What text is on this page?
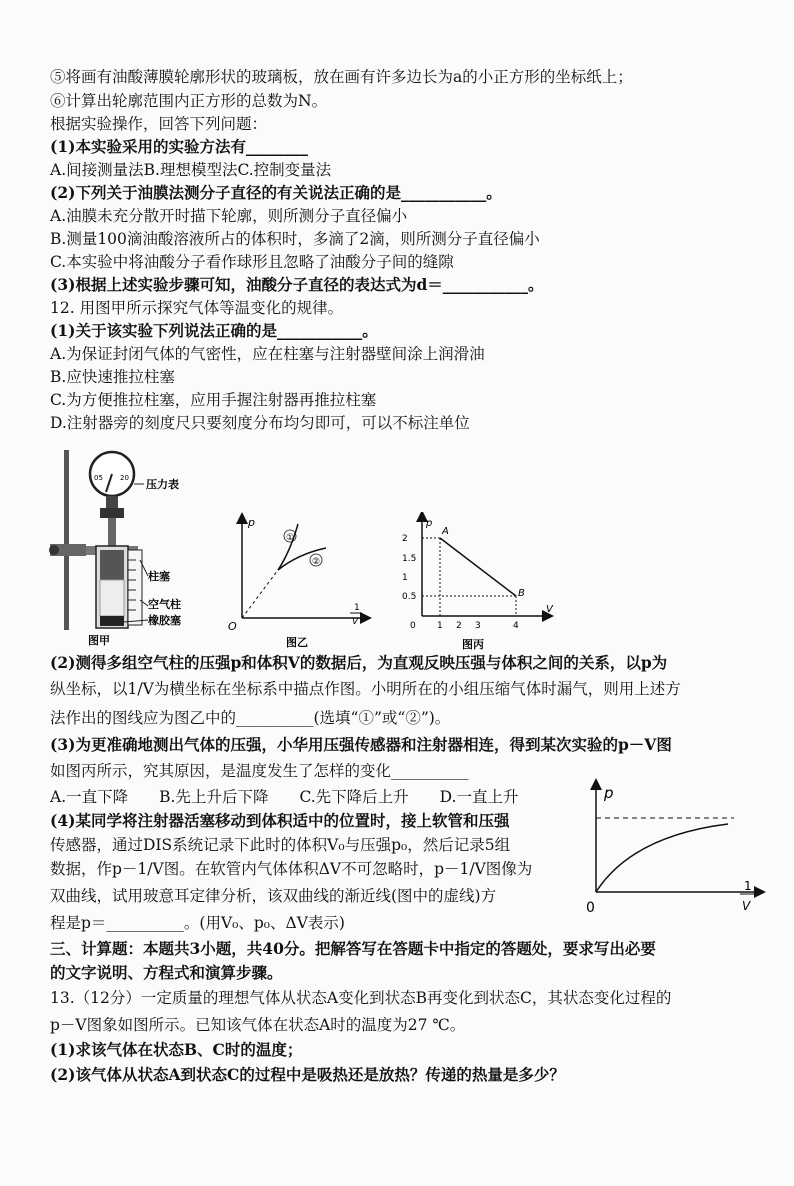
⑤将画有油酸薄膜轮廓形状的玻璃板，放在画有许多边长为a的小正方形的坐标纸上；
⑥计算出轮廓范围内正方形的总数为N。
根据实验操作，回答下列问题：
(1)本实验采用的实验方法有________
A.间接测量法B.理想模型法C.控制变量法
(2)下列关于油膜法测分子直径的有关说法正确的是___________。
A.油膜未充分散开时描下轮廓，则所测分子直径偏小
B.测量100滴油酸溶液所占的体积时，多滴了2滴，则所测分子直径偏小
C.本实验中将油酸分子看作球形且忽略了油酸分子间的缝隙
(3)根据上述实验步骤可知，油酸分子直径的表达式为d＝___________。
12. 用图甲所示探究气体等温变化的规律。
(1)关于该实验下列说法正确的是___________。
A.为保证封闭气体的气密性，应在柱塞与注射器壁间涂上润滑油
B.应快速推拉柱塞
C.为方便推拉柱塞，应用手握注射器再推拉柱塞
D.注射器旁的刻度尺只要刻度分布均匀即可，可以不标注单位
05 20 压力表
柱塞
空气柱
橡胶塞
图甲
p
O
1
V
①
②
图乙
p
V
0
2
1.5
1
0.5
1 2 3	4
A
B
图丙
(2)测得多组空气柱的压强p和体积V的数据后，为直观反映压强与体积之间的关系，以p为
纵坐标，以1/V为横坐标在坐标系中描点作图。小明所在的小组压缩气体时漏气，则用上述方
法作出的图线应为图乙中的__________(选填“①”或“②”)。
(3)为更准确地测出气体的压强，小华用压强传感器和注射器相连，得到某次实验的p－V图
如图丙所示，究其原因，是温度发生了怎样的变化__________
A.一直下降　　B.先上升后下降　　C.先下降后上升　　D.一直上升
(4)某同学将注射器活塞移动到体积适中的位置时，接上软管和压强
传感器，通过DIS系统记录下此时的体积V₀与压强p₀，然后记录5组
数据，作p－1/V图。在软管内气体体积ΔV不可忽略时，p－1/V图像为
双曲线，试用玻意耳定律分析，该双曲线的渐近线(图中的虚线)方
程是p＝__________。(用V₀、p₀、ΔV表示)
三、计算题：本题共3小题，共40分。把解答写在答题卡中指定的答题处，要求写出必要
的文字说明、方程式和演算步骤。
13.（12分）一定质量的理想气体从状态A变化到状态B再变化到状态C，其状态变化过程的
p－V图象如图所示。已知该气体在状态A时的温度为27 ℃。
(1)求该气体在状态B、C时的温度；
(2)该气体从状态A到状态C的过程中是吸热还是放热？传递的热量是多少？
p
0
1
V
